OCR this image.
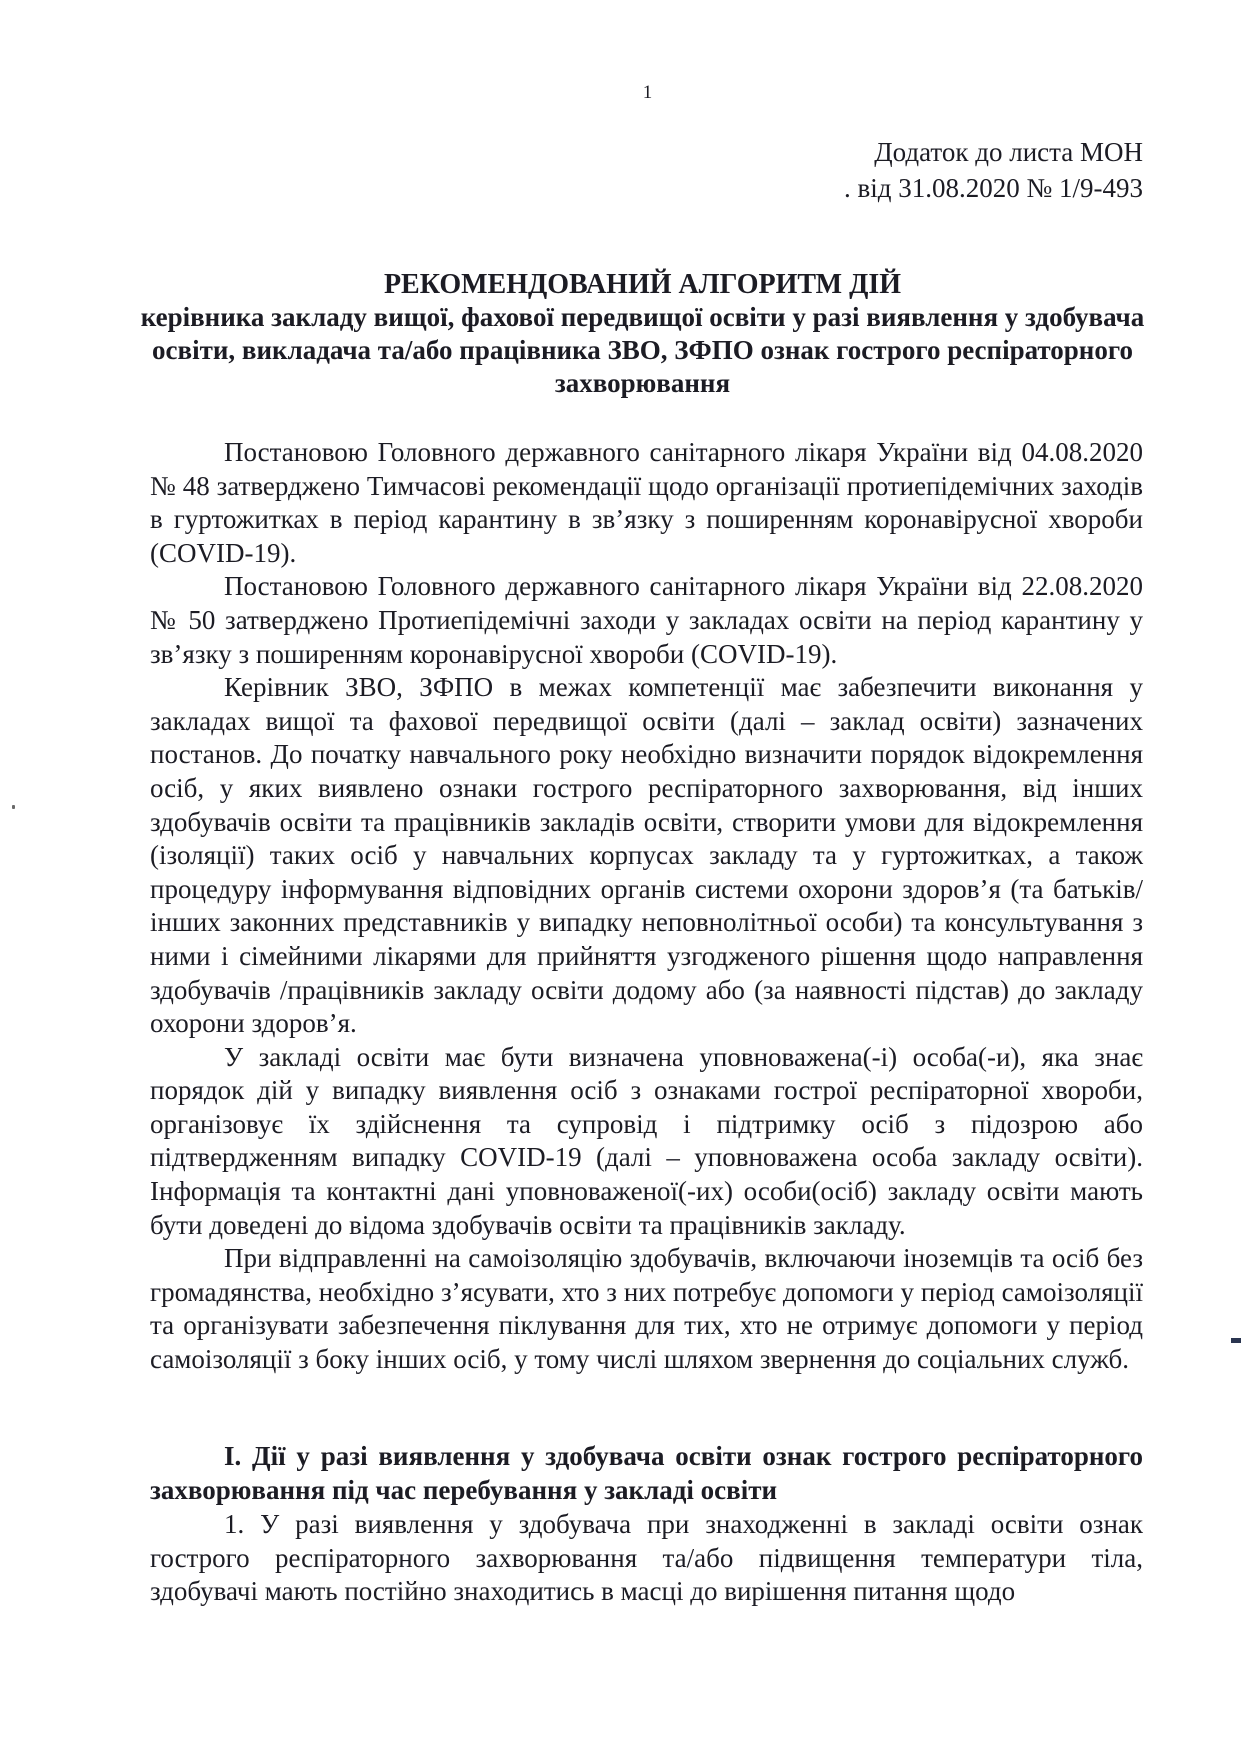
1
Додаток до листа МОН
. від 31.08.2020 № 1/9-493
РЕКОМЕНДОВАНИЙ АЛГОРИТМ ДІЙ
керівника закладу вищої, фахової передвищої освіти у разі виявлення у здобувача освіти, викладача та/або працівника ЗВО, ЗФПО ознак гострого респіраторного захворювання

Постановою Головного державного санітарного лікаря України від 04.08.2020 № 48 затверджено Тимчасові рекомендації щодо організації протиепідемічних заходів в гуртожитках в період карантину в зв’язку з поширенням коронавірусної хвороби (COVID-19).

Постановою Головного державного санітарного лікаря України від 22.08.2020 № 50 затверджено Протиепідемічні заходи у закладах освіти на період карантину у зв’язку з поширенням коронавірусної хвороби (COVID-19).

Керівник ЗВО, ЗФПО в межах компетенції має забезпечити виконання у закладах вищої та фахової передвищої освіти (далі – заклад освіти) зазначених постанов. До початку навчального року необхідно визначити порядок відокремлення осіб, у яких виявлено ознаки гострого респіраторного захворювання, від інших здобувачів освіти та працівників закладів освіти, створити умови для відокремлення (ізоляції) таких осіб у навчальних корпусах закладу та у гуртожитках, а також процедуру інформування відповідних органів системи охорони здоров’я (та батьків/ інших законних представників у випадку неповнолітньої особи) та консультування з ними і сімейними лікарями для прийняття узгодженого рішення щодо направлення здобувачів /працівників закладу освіти додому або (за наявності підстав) до закладу охорони здоров’я.

У закладі освіти має бути визначена уповноважена(-і) особа(-и), яка знає порядок дій у випадку виявлення осіб з ознаками гострої респіраторної хвороби, організовує їх здійснення та супровід і підтримку осіб з підозрою або підтвердженням випадку COVID-19 (далі – уповноважена особа закладу освіти). Інформація та контактні дані уповноваженої(-их) особи(осіб) закладу освіти мають бути доведені до відома здобувачів освіти та працівників закладу.

При відправленні на самоізоляцію здобувачів, включаючи іноземців та осіб без громадянства, необхідно з’ясувати, хто з них потребує допомоги у період самоізоляції та організувати забезпечення піклування для тих, хто не отримує допомоги у період самоізоляції з боку інших осіб, у тому числі шляхом звернення до соціальних служб.

І. Дії у разі виявлення у здобувача освіти ознак гострого респіраторного захворювання під час перебування у закладі освіти

1. У разі виявлення у здобувача при знаходженні в закладі освіти ознак гострого респіраторного захворювання та/або підвищення температури тіла, здобувачі мають постійно знаходитись в масці до вирішення питання щодо
